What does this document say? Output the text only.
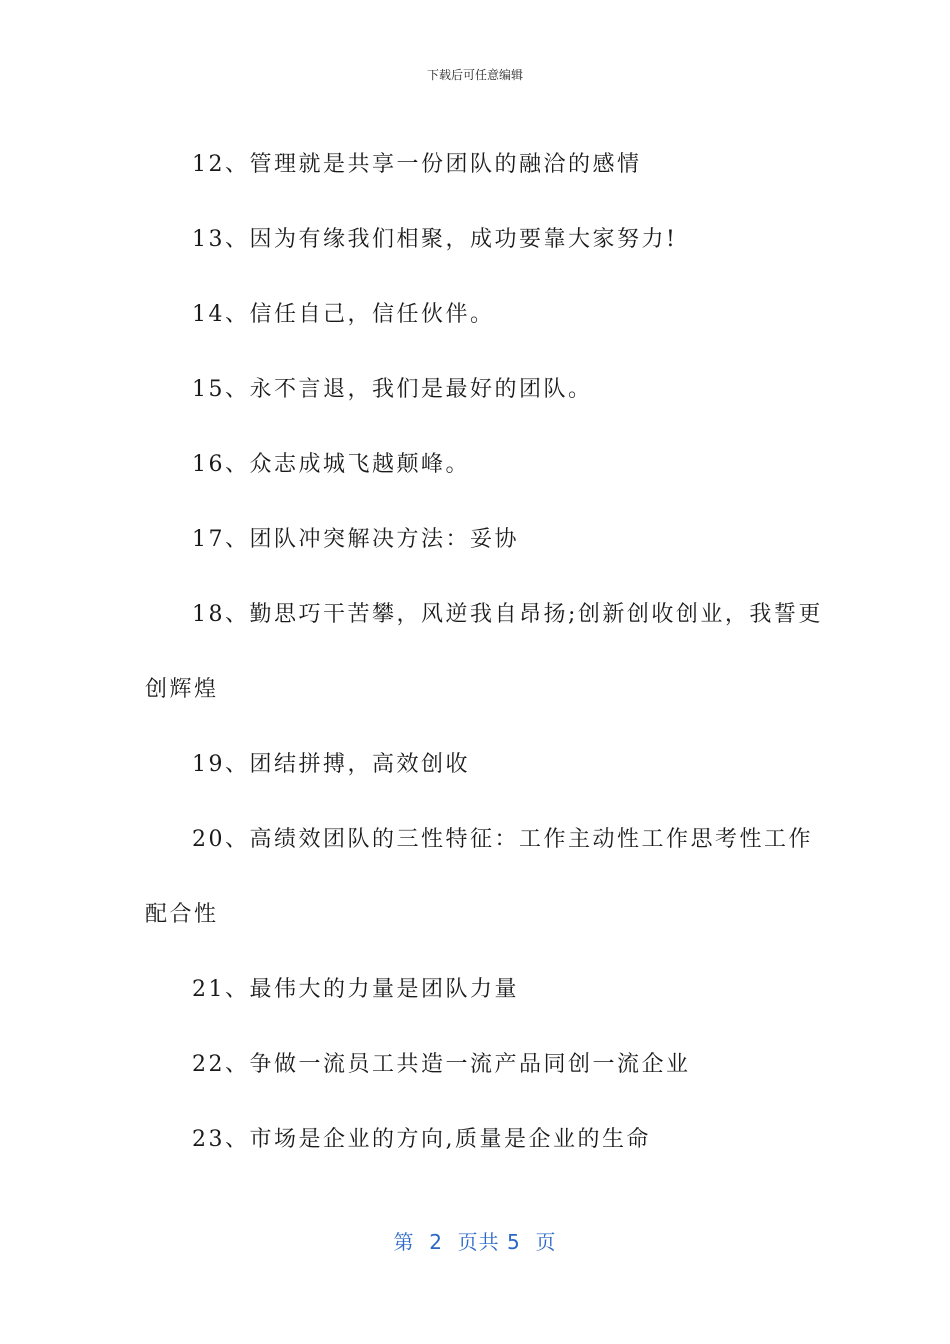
下载后可任意编辑

12、管理就是共享一份团队的融洽的感情

13、因为有缘我们相聚，成功要靠大家努力!

14、信任自己，信任伙伴。

15、永不言退，我们是最好的团队。

16、众志成城飞越颠峰。

17、团队冲突解决方法：妥协

18、勤思巧干苦攀，风逆我自昂扬;创新创收创业，我誓更创辉煌

19、团结拼搏，高效创收

20、高绩效团队的三性特征：工作主动性工作思考性工作配合性

21、最伟大的力量是团队力量

22、争做一流员工共造一流产品同创一流企业

23、市场是企业的方向,质量是企业的生命

第  2  页共 5  页
